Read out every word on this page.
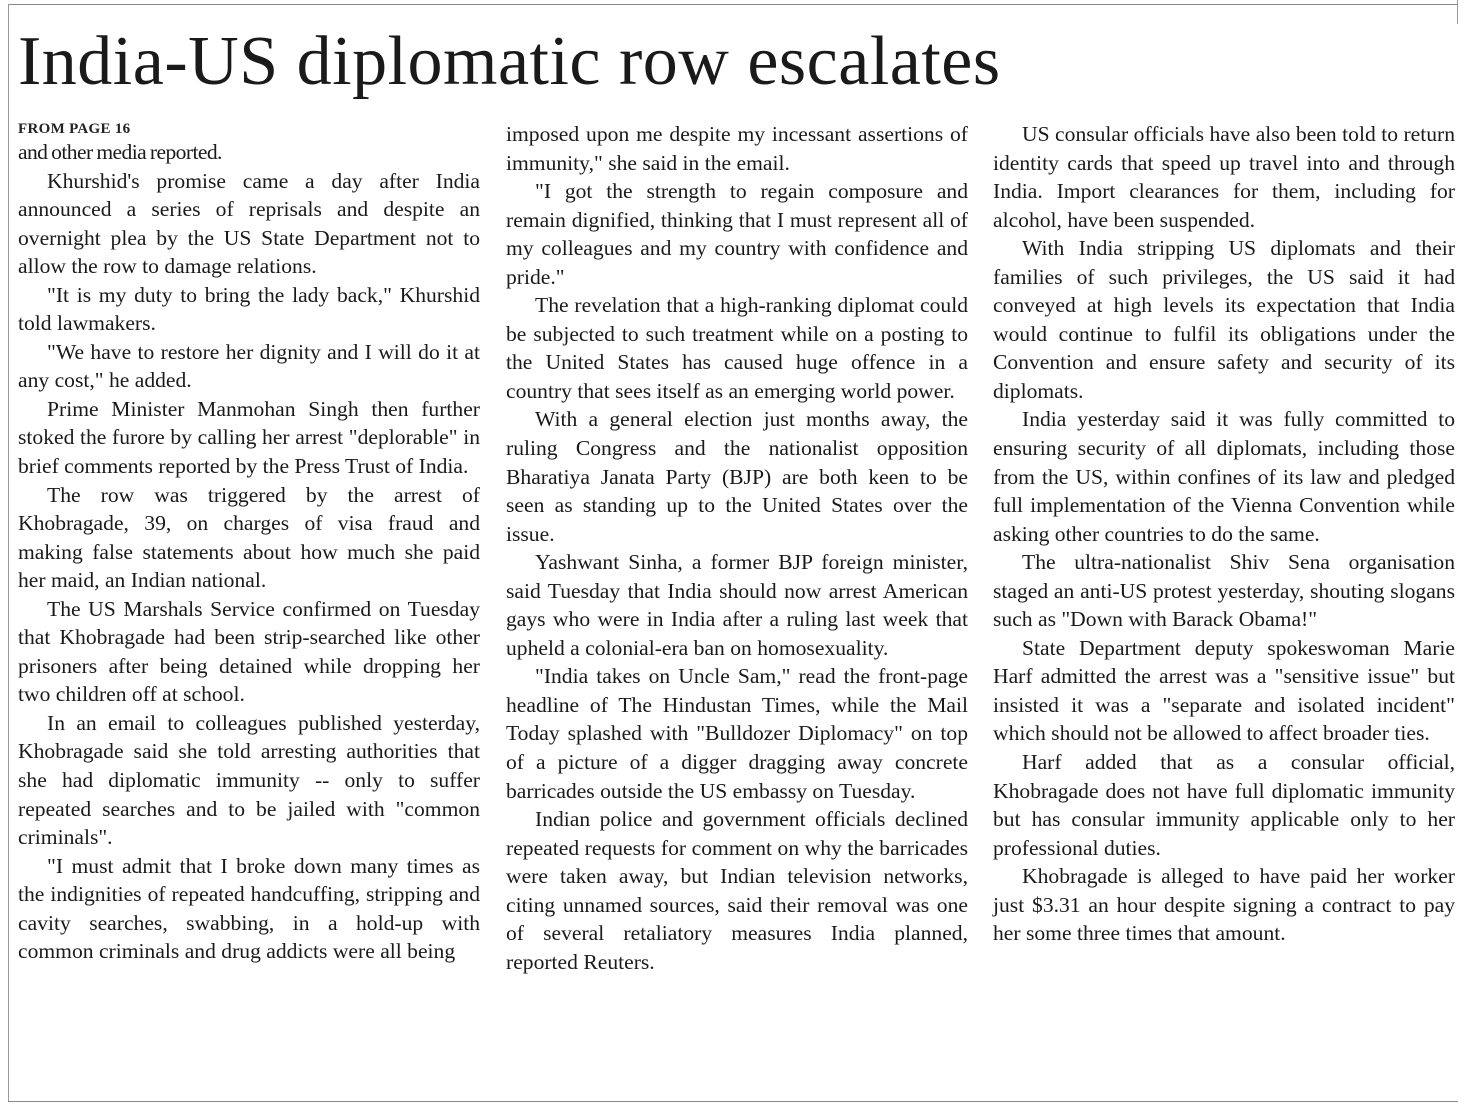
India-US diplomatic row escalates
FROM PAGE 16

and other media reported.

Khurshid's promise came a day after India announced a series of reprisals and despite an overnight plea by the US State Department not to allow the row to damage relations.

"It is my duty to bring the lady back," Khurshid told lawmakers.

"We have to restore her dignity and I will do it at any cost," he added.

Prime Minister Manmohan Singh then further stoked the furore by calling her arrest "deplorable" in brief comments reported by the Press Trust of India.

The row was triggered by the arrest of Khobragade, 39, on charges of visa fraud and making false statements about how much she paid her maid, an Indian national.

The US Marshals Service confirmed on Tuesday that Khobragade had been strip-searched like other prisoners after being detained while dropping her two children off at school.

In an email to colleagues published yesterday, Khobragade said she told arresting authorities that she had diplomatic immunity -- only to suffer repeated searches and to be jailed with "common criminals".

"I must admit that I broke down many times as the indignities of repeated handcuffing, stripping and cavity searches, swabbing, in a hold-up with common criminals and drug addicts were all being

imposed upon me despite my incessant assertions of immunity," she said in the email.

"I got the strength to regain composure and remain dignified, thinking that I must represent all of my colleagues and my country with confidence and pride."

The revelation that a high-ranking diplomat could be subjected to such treatment while on a posting to the United States has caused huge offence in a country that sees itself as an emerging world power.

With a general election just months away, the ruling Congress and the nationalist opposition Bharatiya Janata Party (BJP) are both keen to be seen as standing up to the United States over the issue.

Yashwant Sinha, a former BJP foreign minister, said Tuesday that India should now arrest American gays who were in India after a ruling last week that upheld a colonial-era ban on homosexuality.

"India takes on Uncle Sam," read the front-page headline of The Hindustan Times, while the Mail Today splashed with "Bulldozer Diplomacy" on top of a picture of a digger dragging away concrete barricades outside the US embassy on Tuesday.

Indian police and government officials declined repeated requests for comment on why the barricades were taken away, but Indian television networks, citing unnamed sources, said their removal was one of several retaliatory measures India planned, reported Reuters.

US consular officials have also been told to return identity cards that speed up travel into and through India. Import clearances for them, including for alcohol, have been suspended.

With India stripping US diplomats and their families of such privileges, the US said it had conveyed at high levels its expectation that India would continue to fulfil its obligations under the Convention and ensure safety and security of its diplomats.

India yesterday said it was fully committed to ensuring security of all diplomats, including those from the US, within confines of its law and pledged full implementation of the Vienna Convention while asking other countries to do the same.

The ultra-nationalist Shiv Sena organisation staged an anti-US protest yesterday, shouting slogans such as "Down with Barack Obama!"

State Department deputy spokeswoman Marie Harf admitted the arrest was a "sensitive issue" but insisted it was a "separate and isolated incident" which should not be allowed to affect broader ties.

Harf added that as a consular official, Khobragade does not have full diplomatic immunity but has consular immunity applicable only to her professional duties.

Khobragade is alleged to have paid her worker just $3.31 an hour despite signing a contract to pay her some three times that amount.
